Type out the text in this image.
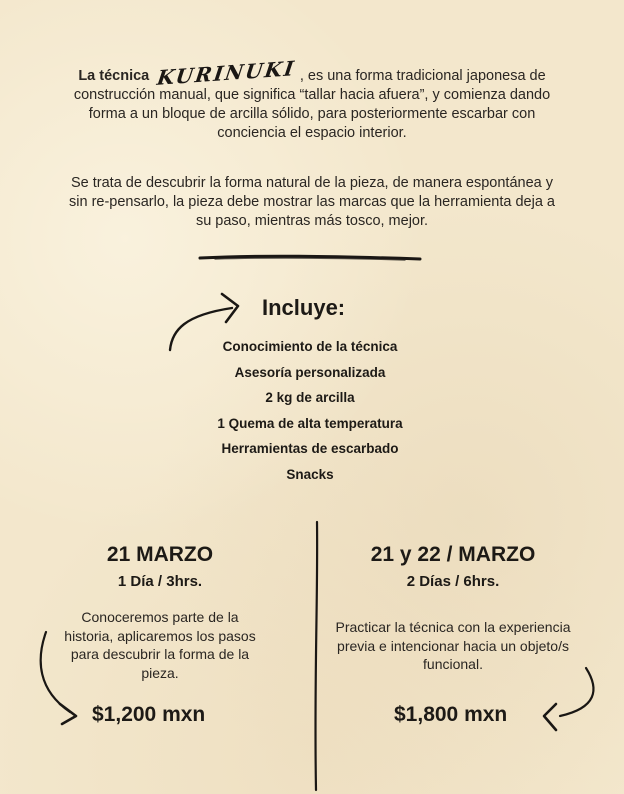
La técnica KURINUKI , es una forma tradicional japonesa de construcción manual, que significa “tallar hacia afuera”, y comienza dando forma a un bloque de arcilla sólido, para posteriormente escarbar con conciencia el espacio interior.
Se trata de descubrir la forma natural de la pieza, de manera espontánea y sin re-pensarlo, la pieza debe mostrar las marcas que la herramienta deja a su paso, mientras más tosco, mejor.
Incluye:
Conocimiento de la técnica
Asesoría personalizada
2 kg de arcilla
1 Quema de alta temperatura
Herramientas de escarbado
Snacks
21 MARZO
1 Día / 3hrs.
Conoceremos parte de la historia, aplicaremos los pasos para descubrir la forma de la pieza.
21 y 22 / MARZO
2 Días / 6hrs.
Practicar la técnica con la experiencia previa e intencionar hacia un objeto/s funcional.
$1,200 mxn	$1,800 mxn
